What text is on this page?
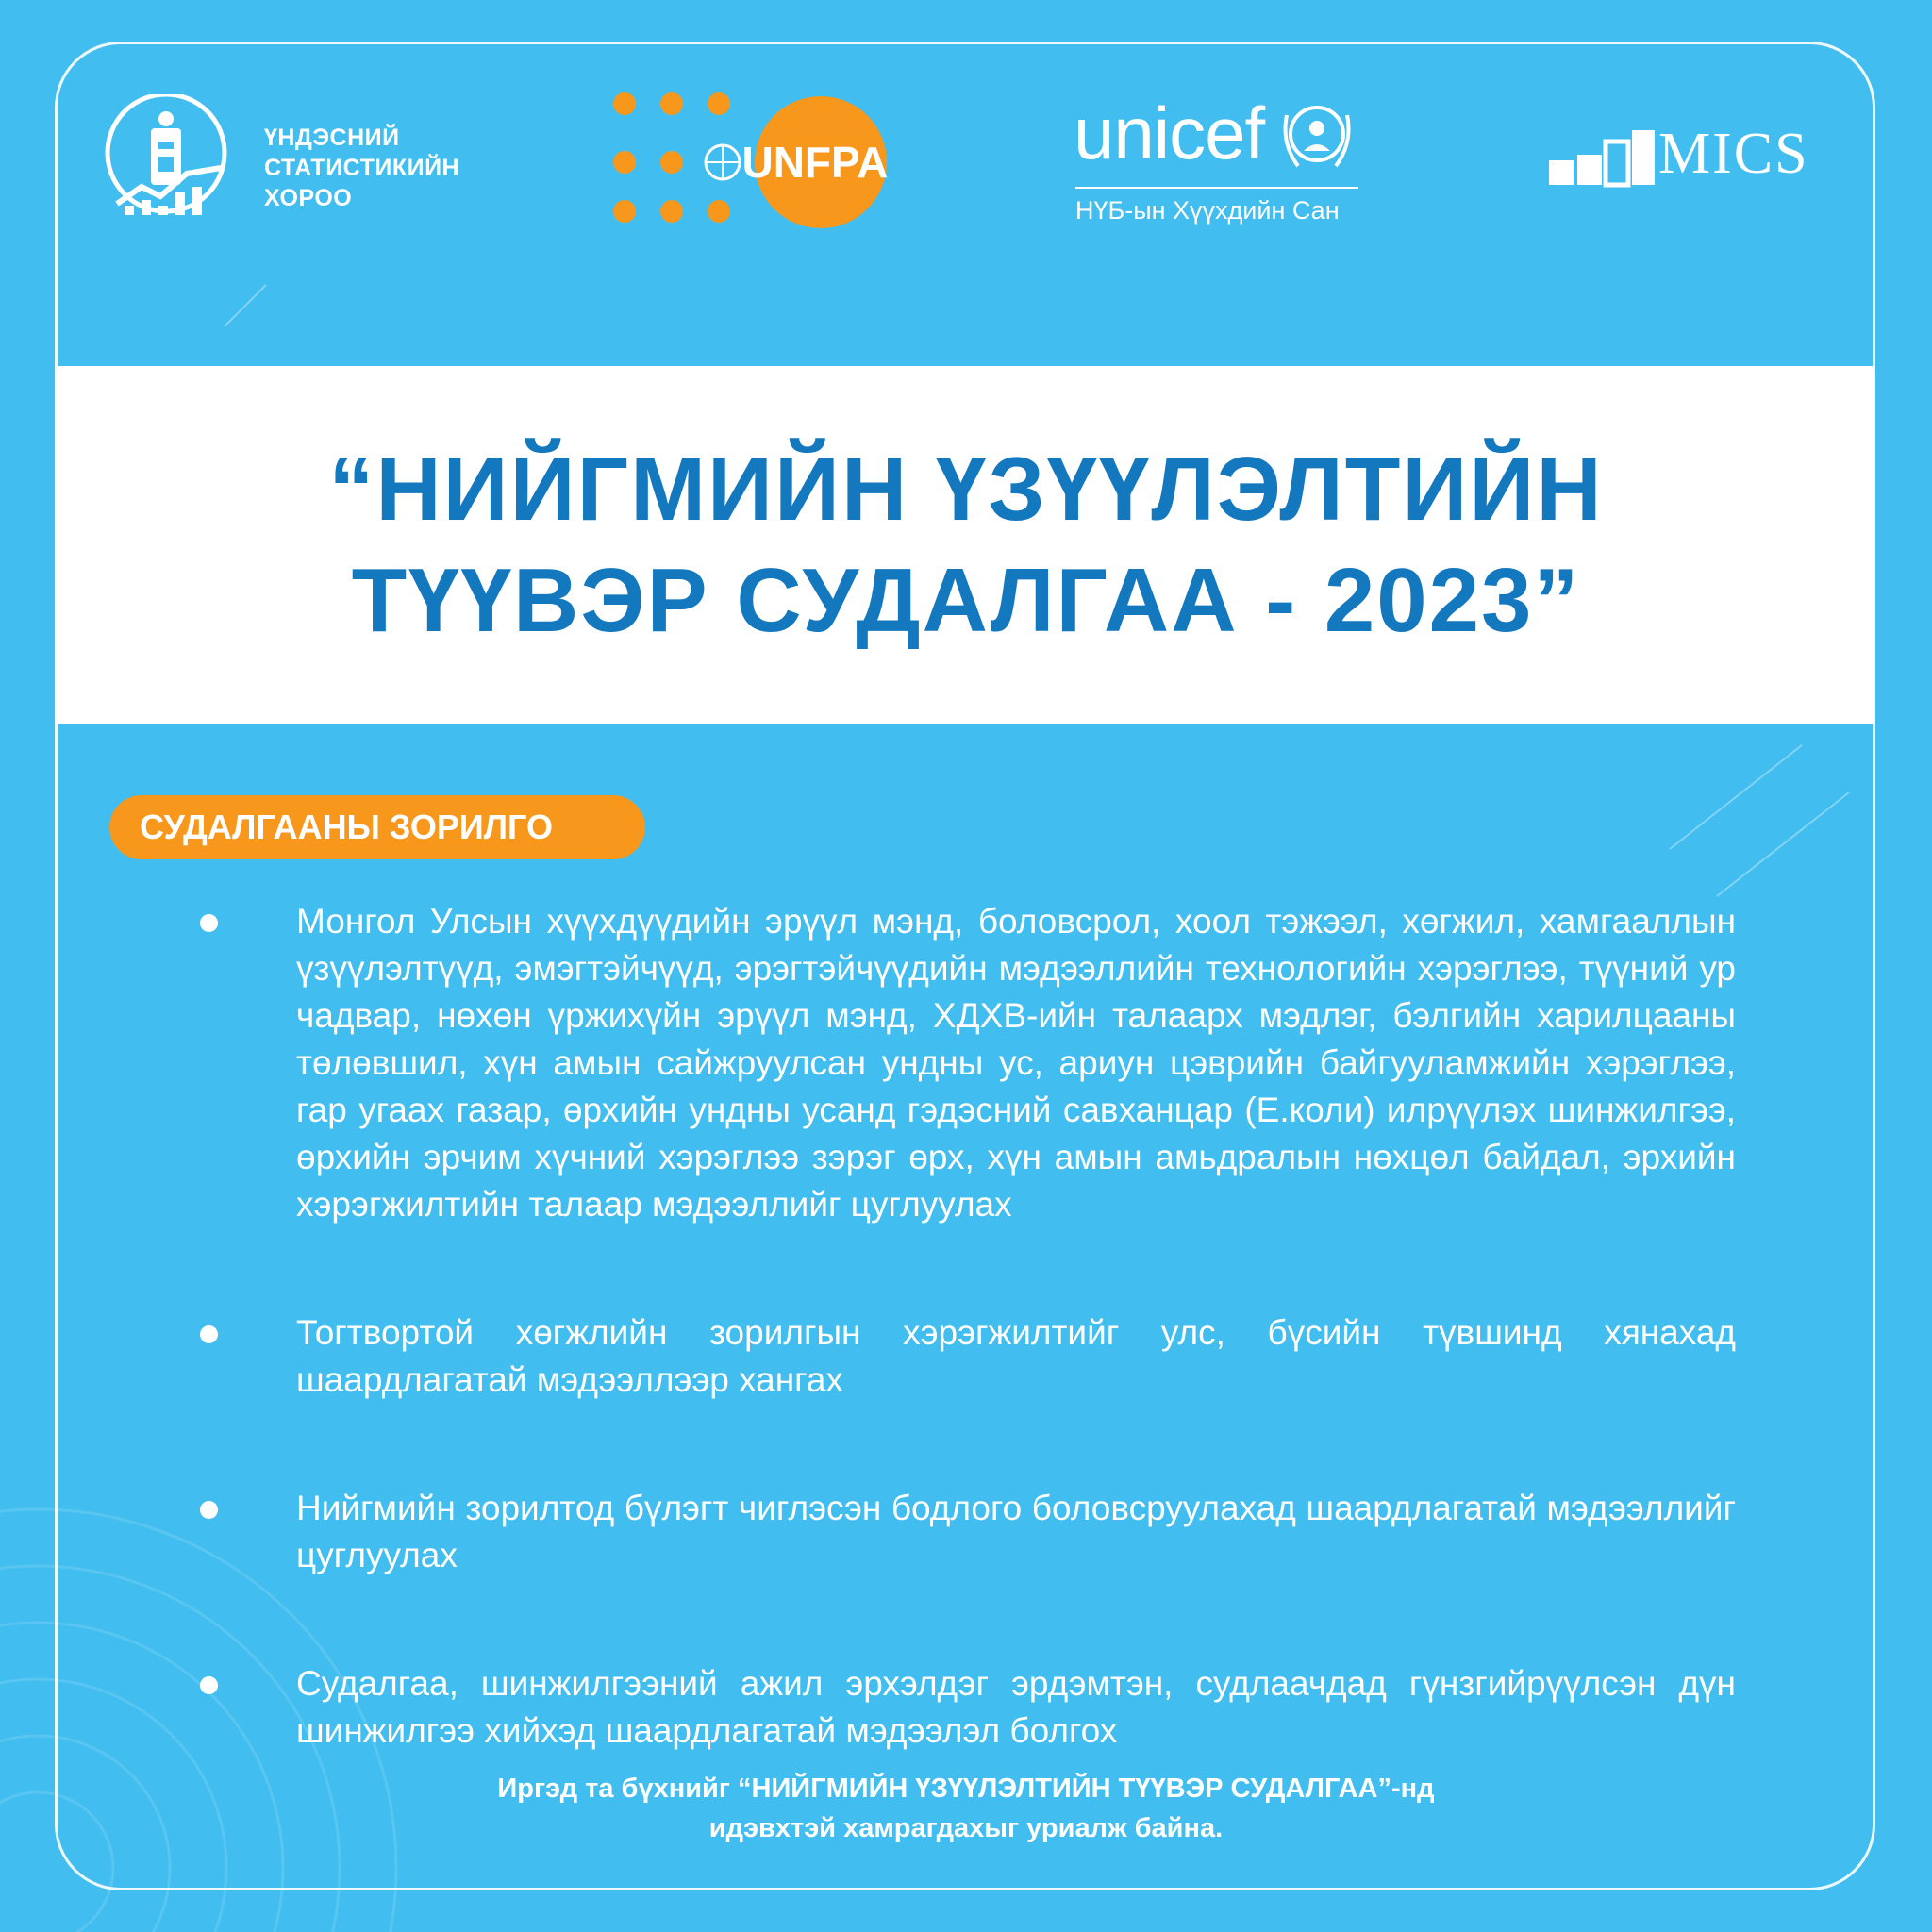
ҮНДЭСНИЙ
СТАТИСТИКИЙН
ХОРОО
UNFPA	unicef
НҮБ-ын Хүүхдийн Сан
MICS
“НИЙГМИЙН ҮЗҮҮЛЭЛТИЙН
ТҮҮВЭР СУДАЛГАА - 2023”
СУДАЛГААНЫ ЗОРИЛГО
Монгол Улсын хүүхдүүдийн эрүүл мэнд, боловсрол, хоол тэжээл, хөгжил, хамгааллын үзүүлэлтүүд, эмэгтэйчүүд, эрэгтэйчүүдийн мэдээллийн технологийн хэрэглээ, түүний ур чадвар, нөхөн үржихүйн эрүүл мэнд, ХДХВ-ийн талаарх мэдлэг, бэлгийн харилцааны төлөвшил, хүн амын сайжруулсан ундны ус, ариун цэврийн байгууламжийн хэрэглээ, гар угаах газар, өрхийн ундны усанд гэдэсний савханцар (Е.коли) илрүүлэх шинжилгээ, өрхийн эрчим хүчний хэрэглээ зэрэг өрх, хүн амын амьдралын нөхцөл байдал, эрхийн хэрэгжилтийн талаар мэдээллийг цуглуулах
Тогтвортой хөгжлийн зорилгын хэрэгжилтийг улс, бүсийн түвшинд хянахад шаардлагатай мэдээллээр хангах
Нийгмийн зорилтод бүлэгт чиглэсэн бодлого боловсруулахад шаардлагатай мэдээллийг цуглуулах
Судалгаа, шинжилгээний ажил эрхэлдэг эрдэмтэн, судлаачдад гүнзгийрүүлсэн дүн шинжилгээ хийхэд шаардлагатай мэдээлэл болгох
Иргэд та бүхнийг “НИЙГМИЙН ҮЗҮҮЛЭЛТИЙН ТҮҮВЭР СУДАЛГАА”-нд
идэвхтэй хамрагдахыг уриалж байна.
